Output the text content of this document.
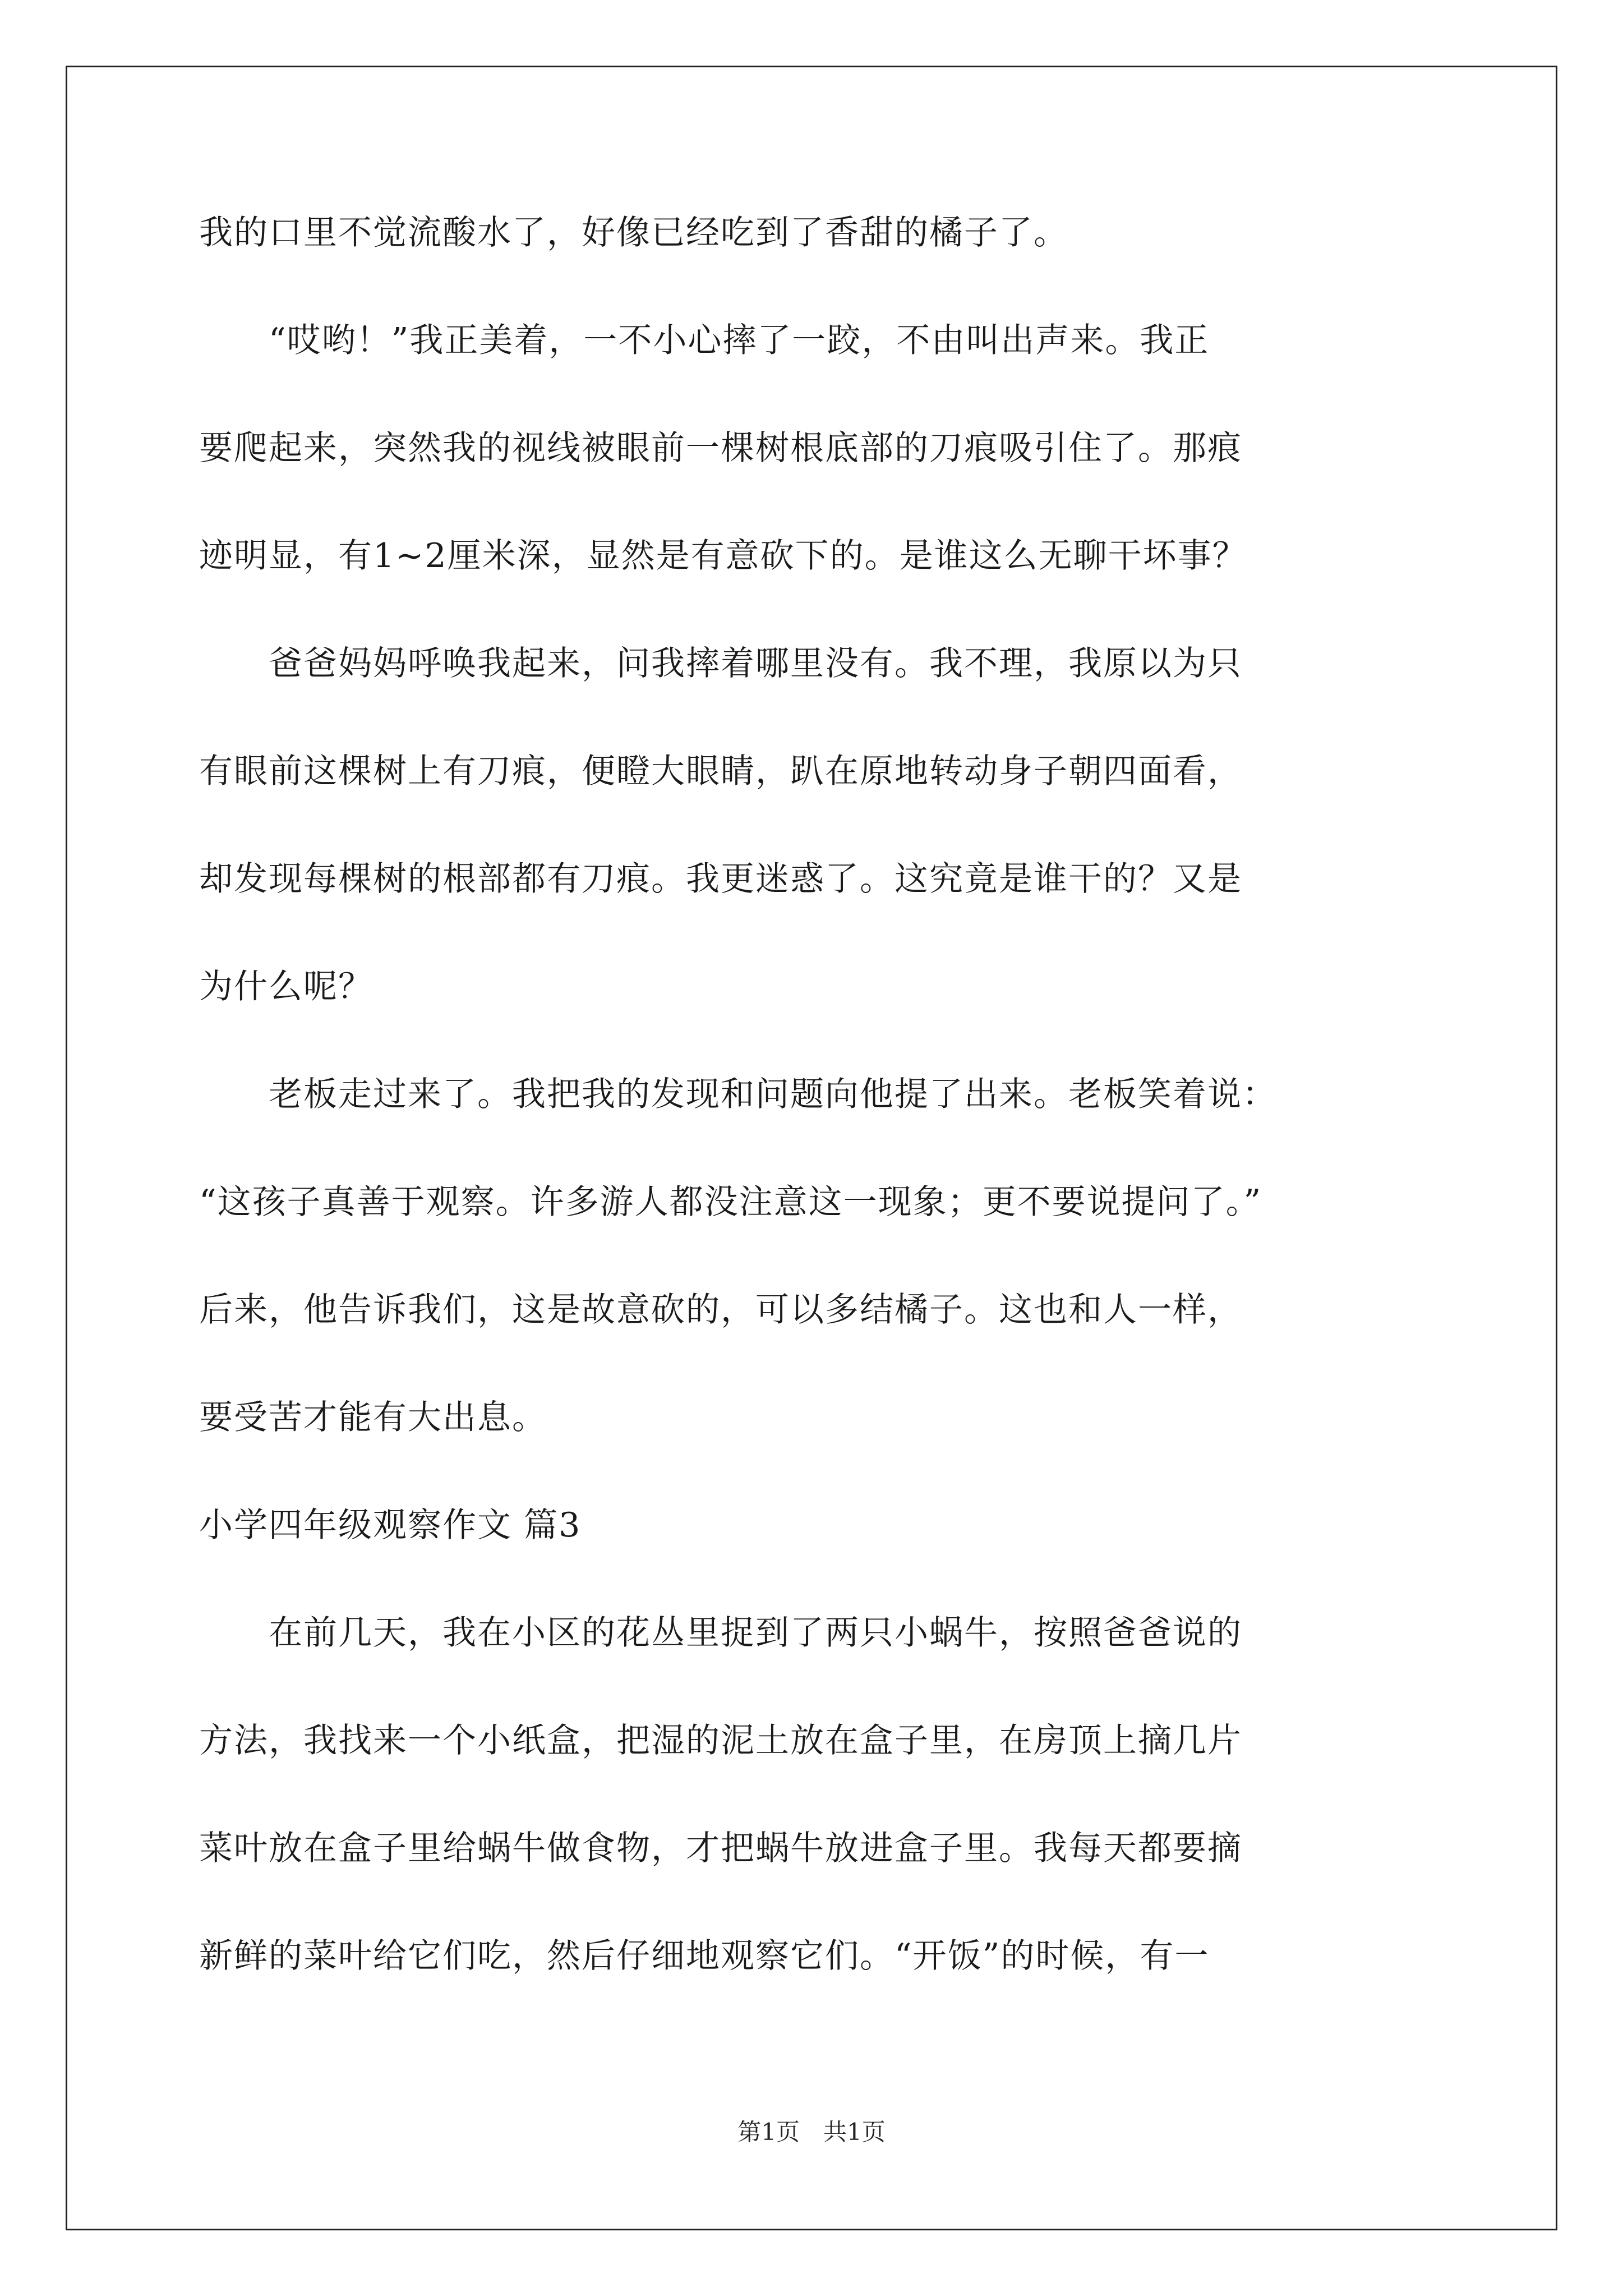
我的口里不觉流酸水了，好像已经吃到了香甜的橘子了。
　　“哎哟！”我正美着，一不小心摔了一跤，不由叫出声来。我正
要爬起来，突然我的视线被眼前一棵树根底部的刀痕吸引住了。那痕
迹明显，有1~2厘米深，显然是有意砍下的。是谁这么无聊干坏事？
　　爸爸妈妈呼唤我起来，问我摔着哪里没有。我不理，我原以为只
有眼前这棵树上有刀痕，便瞪大眼睛，趴在原地转动身子朝四面看，
却发现每棵树的根部都有刀痕。我更迷惑了。这究竟是谁干的？又是
为什么呢？
　　老板走过来了。我把我的发现和问题向他提了出来。老板笑着说：
“这孩子真善于观察。许多游人都没注意这一现象；更不要说提问了。”
后来，他告诉我们，这是故意砍的，可以多结橘子。这也和人一样，
要受苦才能有大出息。
小学四年级观察作文 篇3
　　在前几天，我在小区的花丛里捉到了两只小蜗牛，按照爸爸说的
方法，我找来一个小纸盒，把湿的泥土放在盒子里，在房顶上摘几片
菜叶放在盒子里给蜗牛做食物，才把蜗牛放进盒子里。我每天都要摘
新鲜的菜叶给它们吃，然后仔细地观察它们。“开饭”的时候，有一
第1页　共1页
